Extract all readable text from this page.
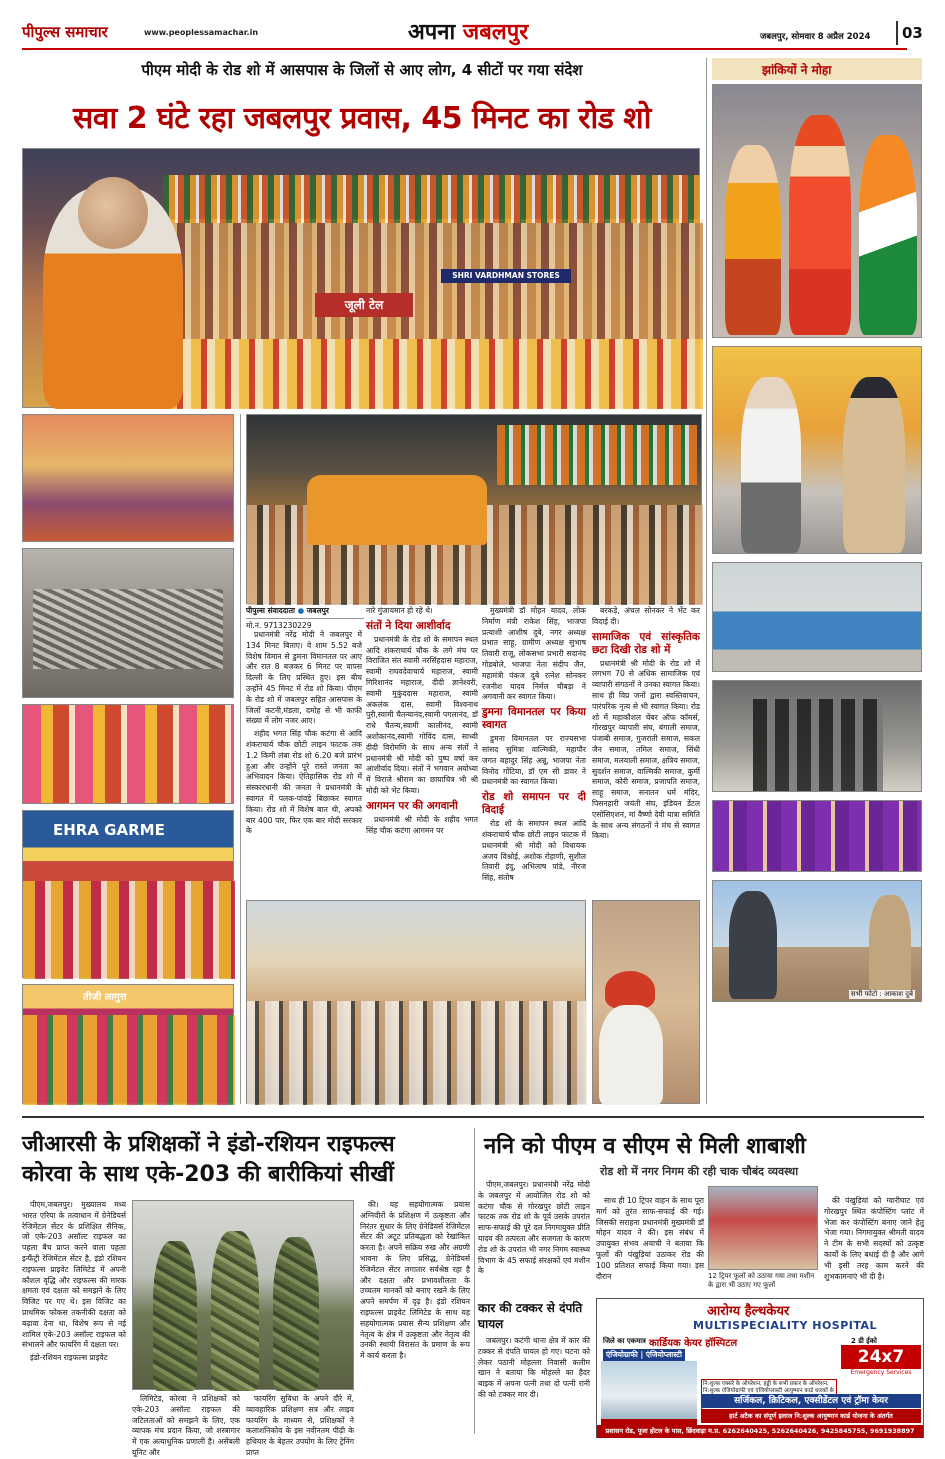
पीपुल्स समाचार	www.peoplessamachar.in	अपना जबलपुर	जबलपुर, सोमवार 8 अप्रैल 2024 03
पीएम मोदी के रोड शो में आसपास के जिलों से आए लोग, 4 सीटों पर गया संदेश
सवा 2 घंटे रहा जबलपुर प्रवास, 45 मिनट का रोड शो
जूली टेल
SHRI VARDHMAN STORES
झांकियों ने मोहा
सभी फोटो : आकाश दुबे
EHRA GARME
तीजी लागुत्त
पीपुल्स संवाददाता ● जबलपुर
मो.नं. 9713230229

प्रधानमंत्री नरेंद्र मोदी ने जबलपुर में 134 मिनट बिताए। वे शाम 5.52 बजे विशेष विमान से डुमना विमानतल पर आए और रात 8 बजकर 6 मिनट पर वापस दिल्ली के लिए प्रस्थित हुए। इस बीच उन्होंने 45 मिनट में रोड शो किया। पीएम के रोड शो में जबलपुर सहित आसपास के जिलों कटनी,मंडला, दमोह से भी काफी संख्या में लोग नजर आए।

शहीद भगत सिंह चौक कटंगा से आदि शंकराचार्य चौक छोटी लाइन फाटक तक 1.2 किमी लंबा रोड शो 6.20 बजे प्रारंभ हुआ और उन्होंने पूरे रास्ते जनता का अभिवादन किया। ऐतिहासिक रोड शो में संस्कारधानी की जनता ने प्रधानमंत्री के स्वागत में पलक-पांवड़े बिछाकर स्वागत किया। रोड शो में विशेष बात थी, अपको बार 400 पार, फिर एक बार मोदी सरकार के

नारे गुंजायमान हो रहे थे।

संतों ने दिया आशीर्वाद

प्रधानमंत्री के रोड शो के समापन स्थल आदि शंकराचार्य चौक के लगे मंच पर विराजित संत स्वामी नरसिंहदास महाराज, स्वामी राघवदेवाचार्य महाराज, स्वामी गिरिशानंद महाराज, दीदी ज्ञानेश्वरी, स्वामी मुकुंददास महाराज, स्वामी अकलंक दास, स्वामी विश्वनाथ पुरी,स्वामी चैतन्यानंद,स्वामी पगलानंद, डॉ राधे चैतन्य,स्वामी कालीनंद, स्वामी अशोकानंद,स्वामी गोविंद दास, साध्वी दीदी विरोमणि के साथ अन्य संतों ने प्रधानमंत्री श्री मोदी को पुष्प वर्षा कर आशीर्वाद दिया। संतों ने भगवान अयोध्या में विराजे श्रीराम का छायाचित्र भी श्री मोदी को भेंट किया।

आगमन पर की अगवानी

प्रधानमंत्री श्री मोदी के शहीद भगत सिंह चौक कटंगा आगमन पर

मुख्यमंत्री डॉ मोहन यादव, लोक निर्माण मंत्री राकेश सिंह, भाजपा प्रत्याशी आशीष दुबे, नगर अध्यक्ष प्रभात साहू, ग्रामीण अध्यक्ष सुभाष तिवारी राजू, लोकसभा प्रभारी सदानंद गोडबोले, भाजपा नेता संदीप जैन, महामंत्री पंकज दुबे रत्नेश सोनकर रजनीश यादव निर्मल चौबड़ा ने अगवानी कर स्वागत किया।

डुमना विमानतल पर किया स्वागत

डुमना विमानतल पर राज्यसभा सांसद सुमित्रा वाल्मिकी, महापौर जगत बहादुर सिंह अन्नू, भाजपा नेता विनोद गोंटिया, डॉ एम सी डावर ने प्रधानमंत्री का स्वागत किया।

रोड शो समापन पर दी विदाई

रोड शो के समापन स्थल आदि शंकराचार्य चौक छोटी लाइन फाटक में प्रधानमंत्री श्री मोदी को विधायक अजय विश्नोई, अशोक रोहाणी, सुशील तिवारी इंदु, अभिलाष पांडे, नीरज सिंह, संतोष

बरकड़े, अंचल सोनकर ने भेंट कर विदाई दी।

सामाजिक एवं सांस्कृतिक छटा दिखी रोड शो में

प्रधानमंत्री श्री मोदी के रोड शो में लगभग 70 से अधिक सामाजिक एवं व्यापारी संगठनों ने उनका स्वागत किया। साथ ही विप्र जनों द्वारा स्वस्तिवाचन, पारंपरिक नृत्य से भी स्वागत किया। रोड शो में महाकौशल चेंबर ऑफ कॉमर्स, गोरखपुर व्यापारी संघ, बंगाली समाज, पंजाबी समाज, गुजराती समाज, सकल जैन समाज, तमिल समाज, सिंधी समाज, मलयाली समाज, क्षत्रिय समाज, सुदर्शन समाज, वाल्मिकी समाज, कुर्मी समाज, कोरी समाज, प्रजापति समाज, साहू समाज, सनातन धर्म मंदिर, पिसनहारी जयंती संघ, इंडियन डेंटल एसोसिएशन, मां वैष्णो देवी यात्रा समिति के साथ अन्य संगठनों ने मंच से स्वागत किया।

जीआरसी के प्रशिक्षकों ने इंडो-रशियन राइफल्स
कोरवा के साथ एके-203 की बारीकियां सीखीं

पीएम,जबलपुर। मुख्यालय मध्य भारत एरिया के तत्वाधान में ग्रेनेडियर्स रेजिमेंटल सेंटर के प्रशिक्षित सैनिक, जो एके-203 असॉल्ट राइफल का पहला बैच प्राप्त करने वाला पहला इन्फैंट्री रेजिमेंटल सेंटर है, इंडो रशियन राइफल्स प्राइवेट लिमिटेड में अपनी कौशल वृद्धि और राइफल्स की मारक क्षमता एवं दक्षता को समझने के लिए विजिट पर गए थे। इस विजिट का प्राथमिक फोकस तकनीकी दक्षता को बढ़ावा देना था, विशेष रूप से नई शामिल एके-203 असॉल्ट राइफल को संभालने और फायरिंग में दक्षता पर।

इंडो-रशियन राइफल्स प्राइवेट

लिमिटेड, कोरवा ने प्रशिक्षकों को एके-203 असॉल्ट राइफल की जटिलताओं को समझने के लिए, एक व्यापक मंच प्रदान किया, जो शस्त्रागार में एक अत्याधुनिक प्रणाली है। असेंबली यूनिट और

फायरिंग सुविधा के अपने दौरे में, व्यावहारिक प्रशिक्षण सत्र और लाइव फायरिंग के माध्यम से, प्रशिक्षकों ने कलाशनिकोव के इस नवीनतम पीढ़ी के हथियार के बेहतर उपयोग के लिए ट्रेनिंग प्राप्त

की। यह सहयोगात्मक प्रयास अग्निवीरों के प्रशिक्षण में उत्कृष्टता और निरंतर सुधार के लिए ग्रेनेडियर्स रेजिमेंटल सेंटर की अटूट प्रतिबद्धता को रेखांकित करता है। अपने सक्रिय रुख और अग्रणी भावना के लिए प्रसिद्ध, ग्रेनेडियर्स रेजिमेंटल सेंटर लगातार सर्वश्रेष्ठ रहा है और दक्षता और प्रभावशीलता के उच्चतम मानकों को बनाए रखने के लिए अपने समर्पण में दृढ़ है। इंडो रशियन राइफल्स प्राइवेट लिमिटेड के साथ यह सहयोगात्मक प्रयास सैन्य प्रशिक्षण और नेतृत्व के क्षेत्र में उत्कृष्टता और नेतृत्व की उनकी स्थायी विरासत के प्रमाण के रूप में कार्य करता है।

ननि को पीएम व सीएम से मिली शाबाशी
रोड शो में नगर निगम की रही चाक चौबंद व्यवस्था

पीएम,जबलपुर। प्रधानमंत्री नरेंद्र मोदी के जबलपुर में आयोजित रोड शो को कटंगा चौक से गोरखपुर छोटी लाइन फाटक तक रोड शो के पूर्व उसके उपरांत साफ-सफाई की पूरे दल निगमायुक्त प्रीति यादव की तत्परता और सजगता के कारण रोड शो के उपरांत भी नगर निगम स्वास्थ्य विभाग के 45 सफाई संरक्षकों एवं मशीन के

साथ ही 10 ट्रिपर वाहन के साथ पूरा मार्ग को तुरंत साफ-सफाई की गई। जिसकी सराहना प्रधानमंत्री मुख्यमंत्री डॉ मोहन यादव ने की। इस संबंध में उपायुक्त संभव अयाची ने बताया कि फूलों की पंखुड़ियां उठाकर रोड की 100 प्रतिशत सफाई किया गया। इस दौरान	12 ट्रिपर फूलों को उठाया गया तथा मशीन के द्वारा भी उठाए गए फूलों

की पंखुड़ियां को ग्वारीघाट एवं गोरखपुर स्थित कंपोस्टिंग प्लांट में भेजा कर कंपोस्टिंग बनाए जाने हेतु भेजा गया। निगमायुक्त श्रीमती यादव ने टीम के सभी सदस्यों को उत्कृष्ट कार्यों के लिए बधाई दी है और आगे भी इसी तरह काम करने की शुभकामनाएं भी दी है।

कार की टक्कर से दंपति घायल

जबलपुर। कटंगी थाना क्षेत्र में कार की टक्कर से दंपति घायल हो गए। घटना को लेकर पठानी मोहल्ला निवासी कलीम खान ने बताया कि मोहल्ले का हैदर बाइक में अपना पत्नी तथा दो पत्नी रानी की को टक्कर मार दी।

आरोग्य हैल्थकेयर
MULTISPECIALITY HOSPITAL
जिले का एकमात्र कार्डियक केयर हॉस्पिटल
एंजियोग्राफी | एंजियोप्लास्टी
2 डी ईको
24x7
Emergency Services
नि:शुल्क एक्सरे के ऑपरेशन, हड्डी के सभी प्रकार के ऑपरेशन, नि:शुल्क एंजियोग्राफी एवं एंजियोप्लास्टी आयुष्मान कार्ड धारकों के
सर्जिकल, क्रिटिकल, एक्सीडेंटल एवं ट्रॉमा केयर
हार्ट अटैक का संपूर्ण इलाज नि:शुल्क आयुष्मान कार्ड योजना के अंतर्गत
प्रशासन रोड, पूजा होटल के पास, छिंदवाड़ा म.प्र. 6262640425, 5262640426, 9425845755, 9691938897
